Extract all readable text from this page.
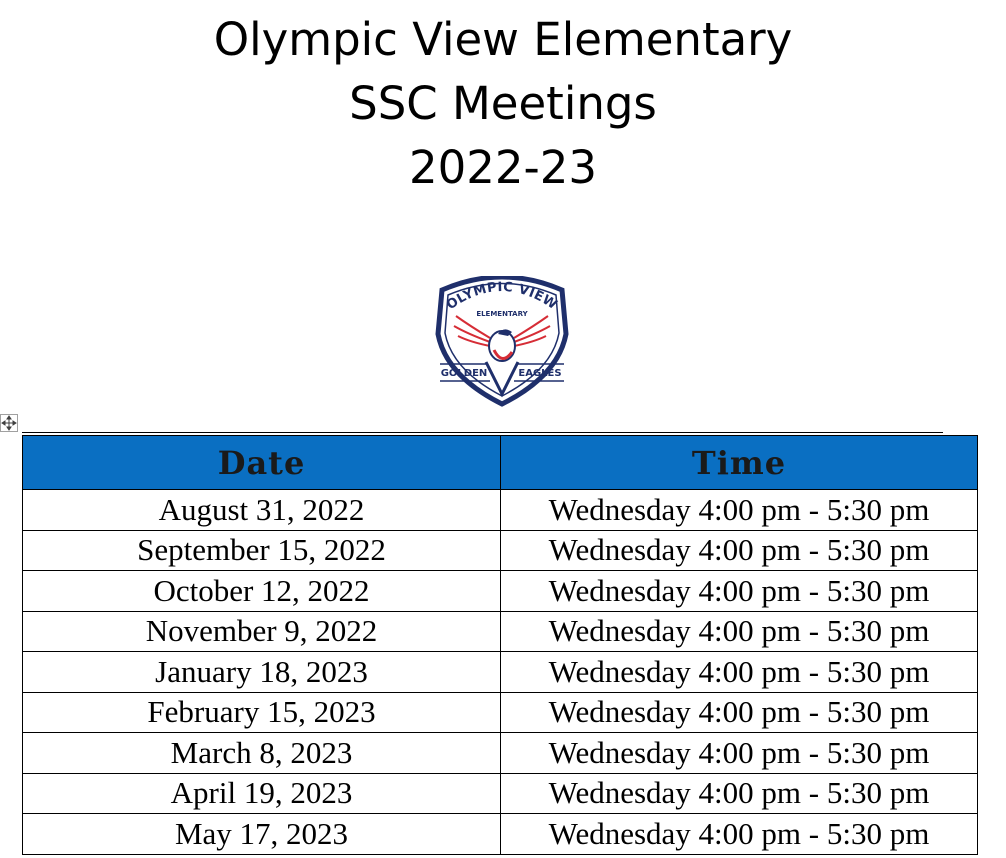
Olympic View Elementary
SSC Meetings
2022-23
OLYMPIC VIEW
ELEMENTARY
GOLDEN	EAGLES
Date	Time
August 31, 2022	Wednesday 4:00 pm - 5:30 pm
September 15, 2022	Wednesday 4:00 pm - 5:30 pm
October 12, 2022	Wednesday 4:00 pm - 5:30 pm
November 9, 2022	Wednesday 4:00 pm - 5:30 pm
January 18, 2023	Wednesday 4:00 pm - 5:30 pm
February 15, 2023	Wednesday 4:00 pm - 5:30 pm
March 8, 2023	Wednesday 4:00 pm - 5:30 pm
April 19, 2023	Wednesday 4:00 pm - 5:30 pm
May 17, 2023	Wednesday 4:00 pm - 5:30 pm
